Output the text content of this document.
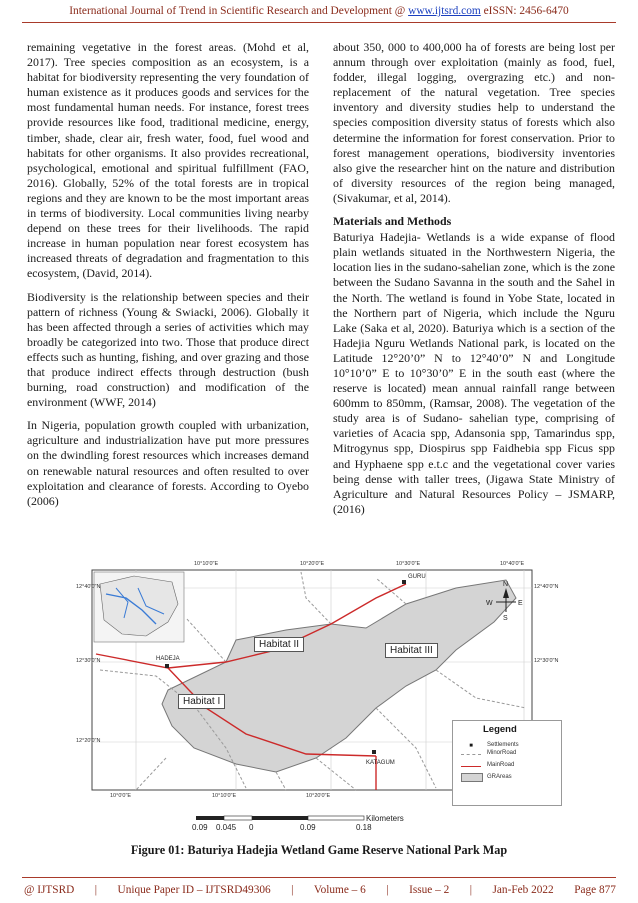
International Journal of Trend in Scientific Research and Development @ www.ijtsrd.com eISSN: 2456-6470

remaining vegetative in the forest areas. (Mohd et al, 2017). Tree species composition as an ecosystem, is a habitat for biodiversity representing the very foundation of human existence as it produces goods and services for the most fundamental human needs. For instance, forest trees provide resources like food, traditional medicine, energy, timber, shade, clear air, fresh water, food, fuel wood and habitats for other organisms. It also provides recreational, psychological, emotional and spiritual fulfillment (FAO, 2016). Globally, 52% of the total forests are in tropical regions and they are known to be the most important areas in terms of biodiversity. Local communities living nearby depend on these trees for their livelihoods. The rapid increase in human population near forest ecosystem has increased threats of degradation and fragmentation to this ecosystem, (David, 2014).

Biodiversity is the relationship between species and their pattern of richness (Young & Swiacki, 2006). Globally it has been affected through a series of activities which may broadly be categorized into two. Those that produce direct effects such as hunting, fishing, and over grazing and those that produce indirect effects through destruction (bush burning, road construction) and modification of the environment (WWF, 2014)

In Nigeria, population growth coupled with urbanization, agriculture and industrialization have put more pressures on the dwindling forest resources which increases demand on renewable natural resources and often resulted to over exploitation and clearance of forests. According to Oyebo (2006)

about 350, 000 to 400,000 ha of forests are being lost per annum through over exploitation (mainly as food, fuel, fodder, illegal logging, overgrazing etc.) and non-replacement of the natural vegetation. Tree species inventory and diversity studies help to understand the species composition diversity status of forests which also determine the information for forest conservation. Prior to forest management operations, biodiversity inventories also give the researcher hint on the nature and distribution of diversity resources of the region being managed, (Sivakumar, et al, 2014).

Materials and Methods

Baturiya Hadejia- Wetlands is a wide expanse of flood plain wetlands situated in the Northwestern Nigeria, the location lies in the sudano-sahelian zone, which is the zone between the Sudano Savanna in the south and the Sahel in the North. The wetland is found in Yobe State, located in the Northern part of Nigeria, which include the Nguru Lake (Saka et al, 2020). Baturiya which is a section of the Hadejia Nguru Wetlands National park, is located on the Latitude 12°20’0” N to 12°40’0” N and Longitude 10°10’0” E to 10°30’0” E in the south east (where the reserve is located) mean annual rainfall range between 600mm to 850mm, (Ramsar, 2008). The vegetation of the study area is of Sudano- sahelian type, comprising of varieties of Acacia spp, Adansonia spp, Tamarindus spp, Mitrogynus spp, Diospirus spp Faidhebia spp Ficus spp and Hyphaene spp e.t.c and the vegetational cover varies being dense with taller trees, (Jigawa State Ministry of Agriculture and Natural Resources Policy – JSMARP, (2016)

HADEJA
GURU
KATAGUM
N
S
E
W
10°10'0"E	10°20'0"E	10°30'0"E	10°40'0"E
10°0'0"E	10°10'0"E	10°20'0"E
12°40'0"N
12°30'0"N
12°20'0"N
12°40'0"N
12°30'0"N
Habitat II
Habitat III
Habitat I
Legend
■	Settlements
MinorRoad
MainRoad
GRAreas
0.09 0.045 0	0.09	0.18
Kilometers
Figure 01: Baturiya Hadejia Wetland Game Reserve National Park Map
@ IJTSRD | Unique Paper ID – IJTSRD49306 | Volume – 6 | Issue – 2 | Jan-Feb 2022 Page 877
